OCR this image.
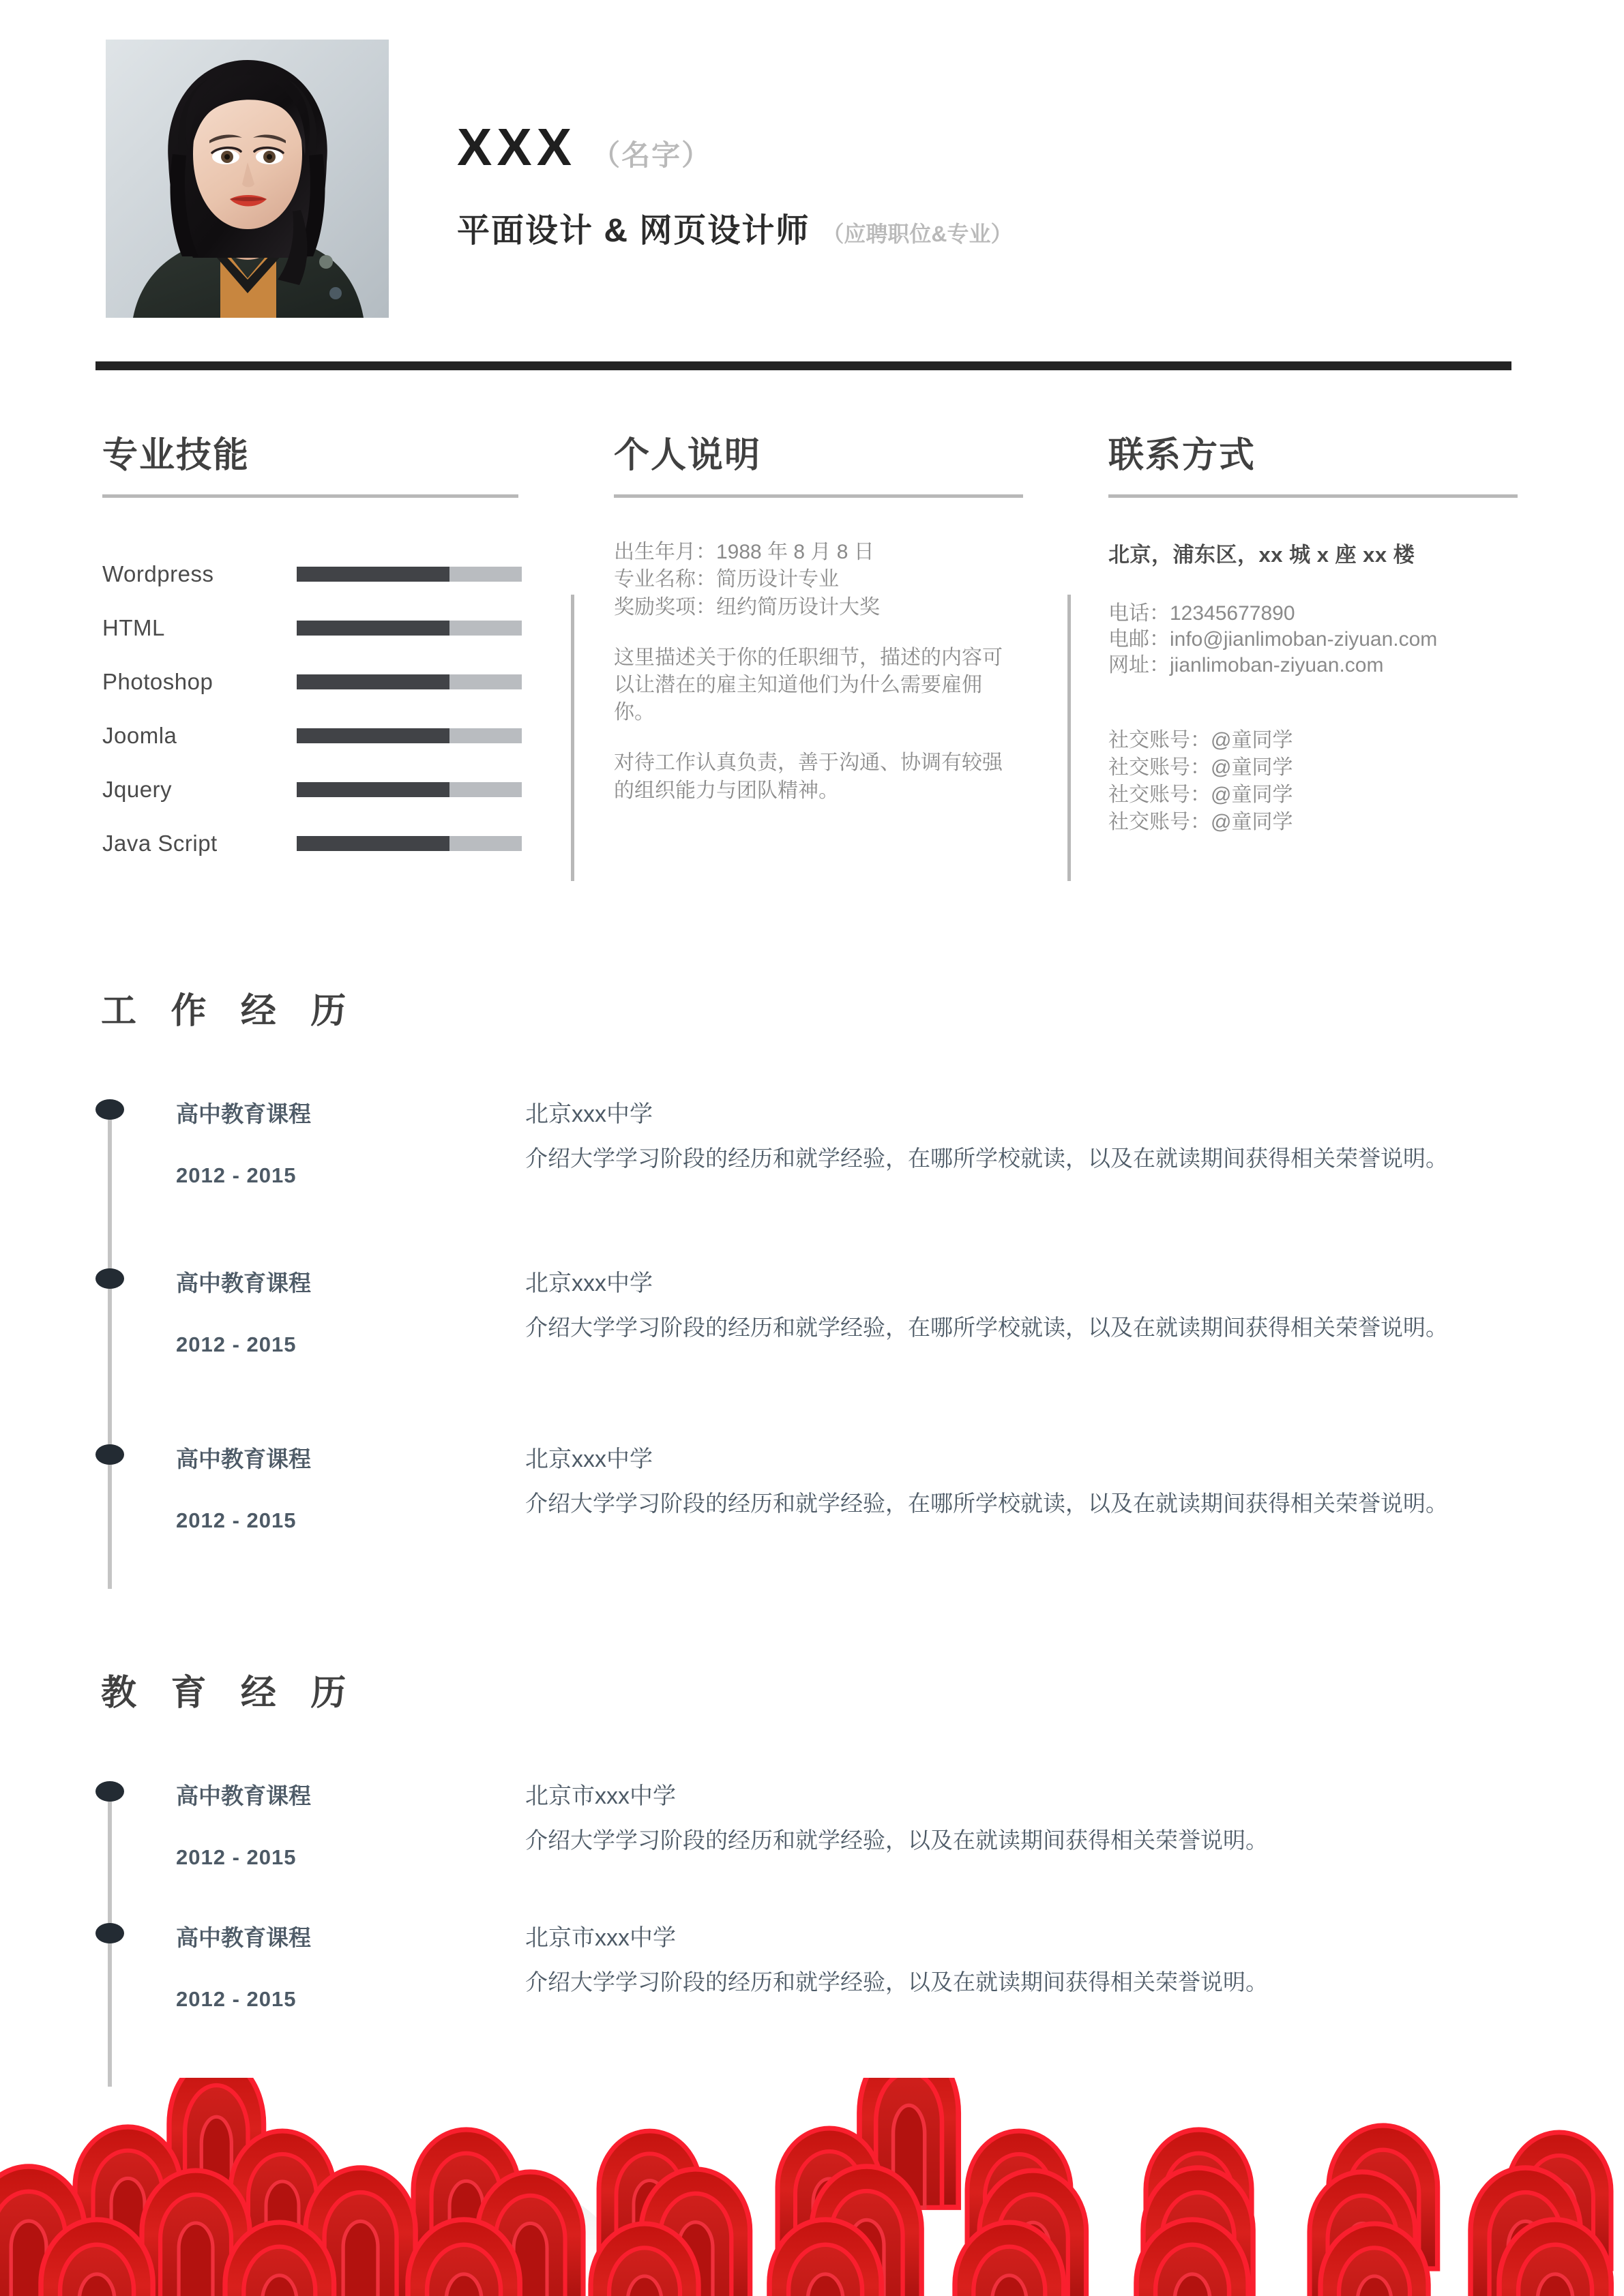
XXX （名字）
平面设计 & 网页设计师 （应聘职位&专业）
专业技能
Wordpress
HTML
Photoshop
Joomla
Jquery
Java Script
个人说明
出生年月：1988 年 8 月 8 日
专业名称：简历设计专业
奖励奖项：纽约简历设计大奖
这里描述关于你的任职细节，描述的内容可以让潜在的雇主知道他们为什么需要雇佣你。
对待工作认真负责，善于沟通、协调有较强的组织能力与团队精神。
联系方式
北京，浦东区，xx 城 x 座 xx 楼
电话：12345677890
电邮：info@jianlimoban-ziyuan.com
网址：jianlimoban-ziyuan.com
社交账号：@童同学
社交账号：@童同学
社交账号：@童同学
社交账号：@童同学
工 作 经 历
高中教育课程
2012 - 2015
北京xxx中学
介绍大学学习阶段的经历和就学经验，在哪所学校就读，以及在就读期间获得相关荣誉说明。
高中教育课程
2012 - 2015
北京xxx中学
介绍大学学习阶段的经历和就学经验，在哪所学校就读，以及在就读期间获得相关荣誉说明。
高中教育课程
2012 - 2015
北京xxx中学
介绍大学学习阶段的经历和就学经验，在哪所学校就读，以及在就读期间获得相关荣誉说明。
教 育 经 历
高中教育课程
2012 - 2015
北京市xxx中学
介绍大学学习阶段的经历和就学经验，以及在就读期间获得相关荣誉说明。
高中教育课程
2012 - 2015
北京市xxx中学
介绍大学学习阶段的经历和就学经验，以及在就读期间获得相关荣誉说明。
